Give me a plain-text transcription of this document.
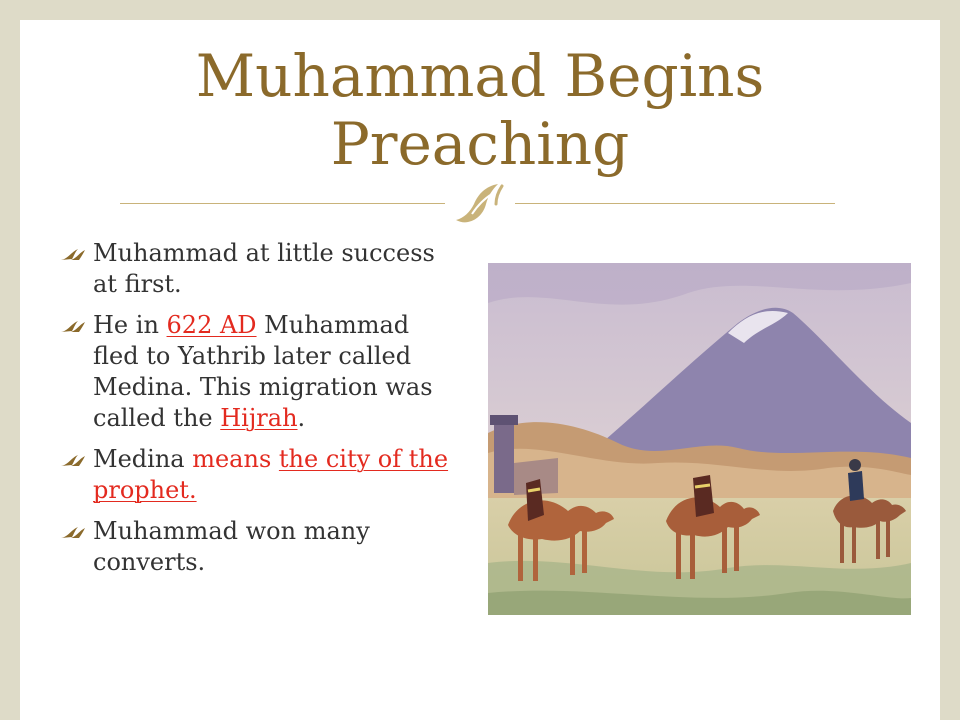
Muhammad Begins Preaching
Muhammad at little success at first.
He in 622 AD Muhammad fled to Yathrib later called Medina. This migration was called the Hijrah.
Medina means the city of the prophet.
Muhammad won many converts.
